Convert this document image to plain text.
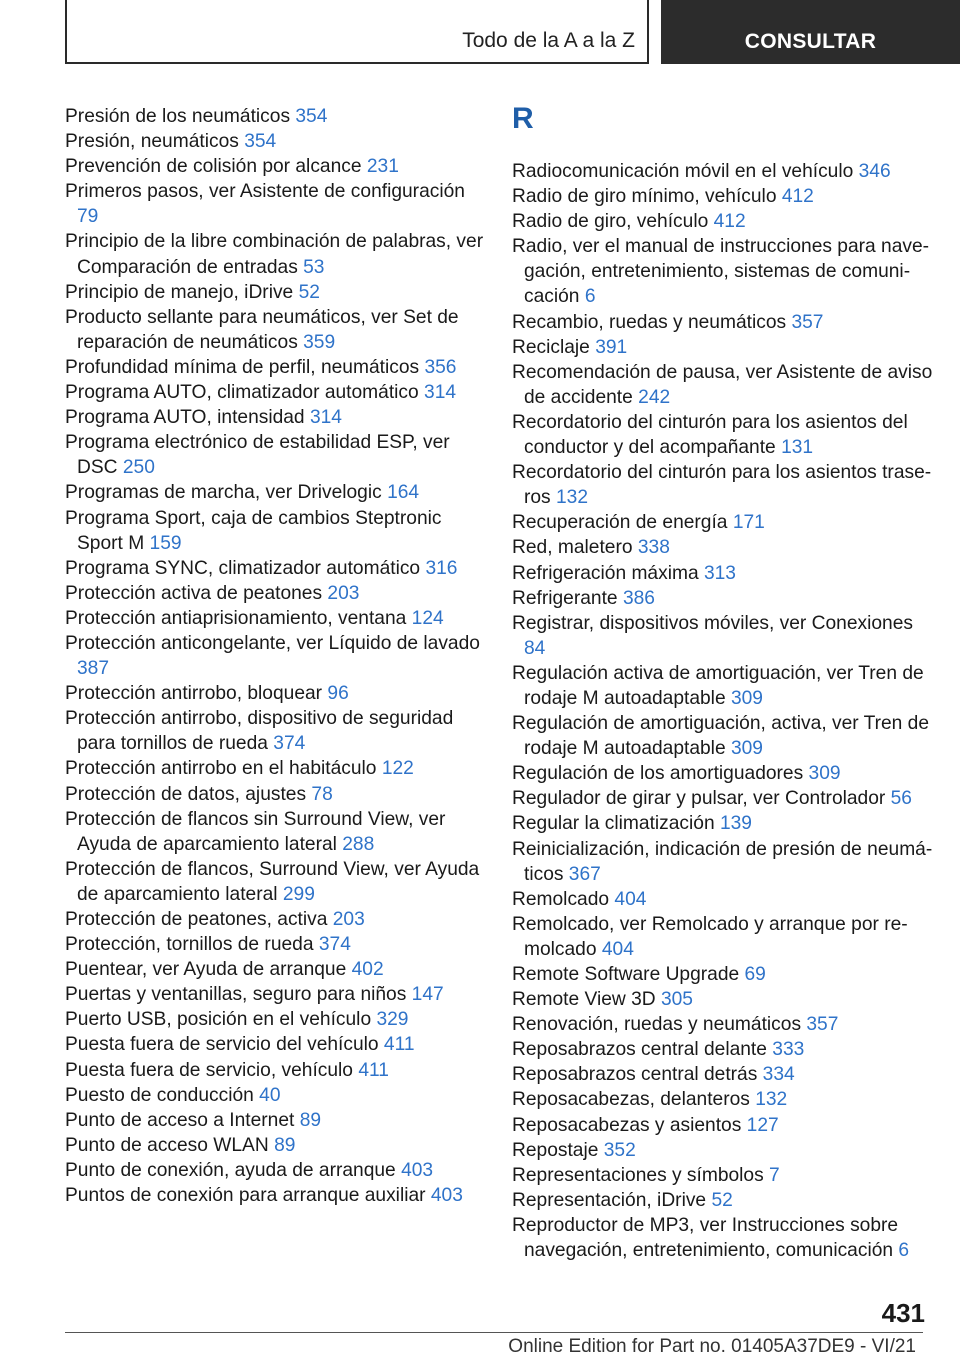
Todo de la A a la Z	CONSULTAR
Presión de los neumáticos 354
Presión, neumáticos 354
Prevención de colisión por alcance 231
Primeros pasos, ver Asistente de configuración 79
Principio de la libre combinación de palabras, ver Comparación de entradas 53
Principio de manejo, iDrive 52
Producto sellante para neumáticos, ver Set de reparación de neumáticos 359
Profundidad mínima de perfil, neumáticos 356
Programa AUTO, climatizador automático 314
Programa AUTO, intensidad 314
Programa electrónico de estabilidad ESP, ver DSC 250
Programas de marcha, ver Drivelogic 164
Programa Sport, caja de cambios Steptronic Sport M 159
Programa SYNC, climatizador automático 316
Protección activa de peatones 203
Protección antiaprisionamiento, ventana 124
Protección anticongelante, ver Líquido de lavado 387
Protección antirrobo, bloquear 96
Protección antirrobo, dispositivo de seguridad para tornillos de rueda 374
Protección antirrobo en el habitáculo 122
Protección de datos, ajustes 78
Protección de flancos sin Surround View, ver Ayuda de aparcamiento lateral 288
Protección de flancos, Surround View, ver Ayuda de aparcamiento lateral 299
Protección de peatones, activa 203
Protección, tornillos de rueda 374
Puentear, ver Ayuda de arranque 402
Puertas y ventanillas, seguro para niños 147
Puerto USB, posición en el vehículo 329
Puesta fuera de servicio del vehículo 411
Puesta fuera de servicio, vehículo 411
Puesto de conducción 40
Punto de acceso a Internet 89
Punto de acceso WLAN 89
Punto de conexión, ayuda de arranque 403
Puntos de conexión para arranque auxiliar 403
R
Radiocomunicación móvil en el vehículo 346
Radio de giro mínimo, vehículo 412
Radio de giro, vehículo 412
Radio, ver el manual de instrucciones para navegación, entretenimiento, sistemas de comunicación 6
Recambio, ruedas y neumáticos 357
Reciclaje 391
Recomendación de pausa, ver Asistente de aviso de accidente 242
Recordatorio del cinturón para los asientos del conductor y del acompañante 131
Recordatorio del cinturón para los asientos traseros 132
Recuperación de energía 171
Red, maletero 338
Refrigeración máxima 313
Refrigerante 386
Registrar, dispositivos móviles, ver Conexiones 84
Regulación activa de amortiguación, ver Tren de rodaje M autoadaptable 309
Regulación de amortiguación, activa, ver Tren de rodaje M autoadaptable 309
Regulación de los amortiguadores 309
Regulador de girar y pulsar, ver Controlador 56
Regular la climatización 139
Reinicialización, indicación de presión de neumáticos 367
Remolcado 404
Remolcado, ver Remolcado y arranque por remolcado 404
Remote Software Upgrade 69
Remote View 3D 305
Renovación, ruedas y neumáticos 357
Reposabrazos central delante 333
Reposabrazos central detrás 334
Reposacabezas, delanteros 132
Reposacabezas y asientos 127
Repostaje 352
Representaciones y símbolos 7
Representación, iDrive 52
Reproductor de MP3, ver Instrucciones sobre navegación, entretenimiento, comunicación 6
431
Online Edition for Part no. 01405A37DE9 - VI/21
